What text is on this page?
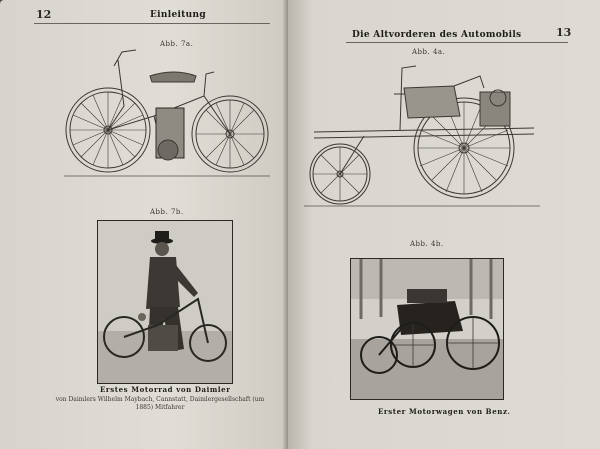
12	Einleitung
Abb. 7a.
Abb. 7b.
Erstes Motorrad von Daimler
von Daimlers Wilhelm Maybach, Cannstatt, Daimlergesellschaft (um 1885) Mitfahrer
Die Altvorderen des Automobils	13
Abb. 4a.
Abb. 4b.
Erster Motorwagen von Benz.
